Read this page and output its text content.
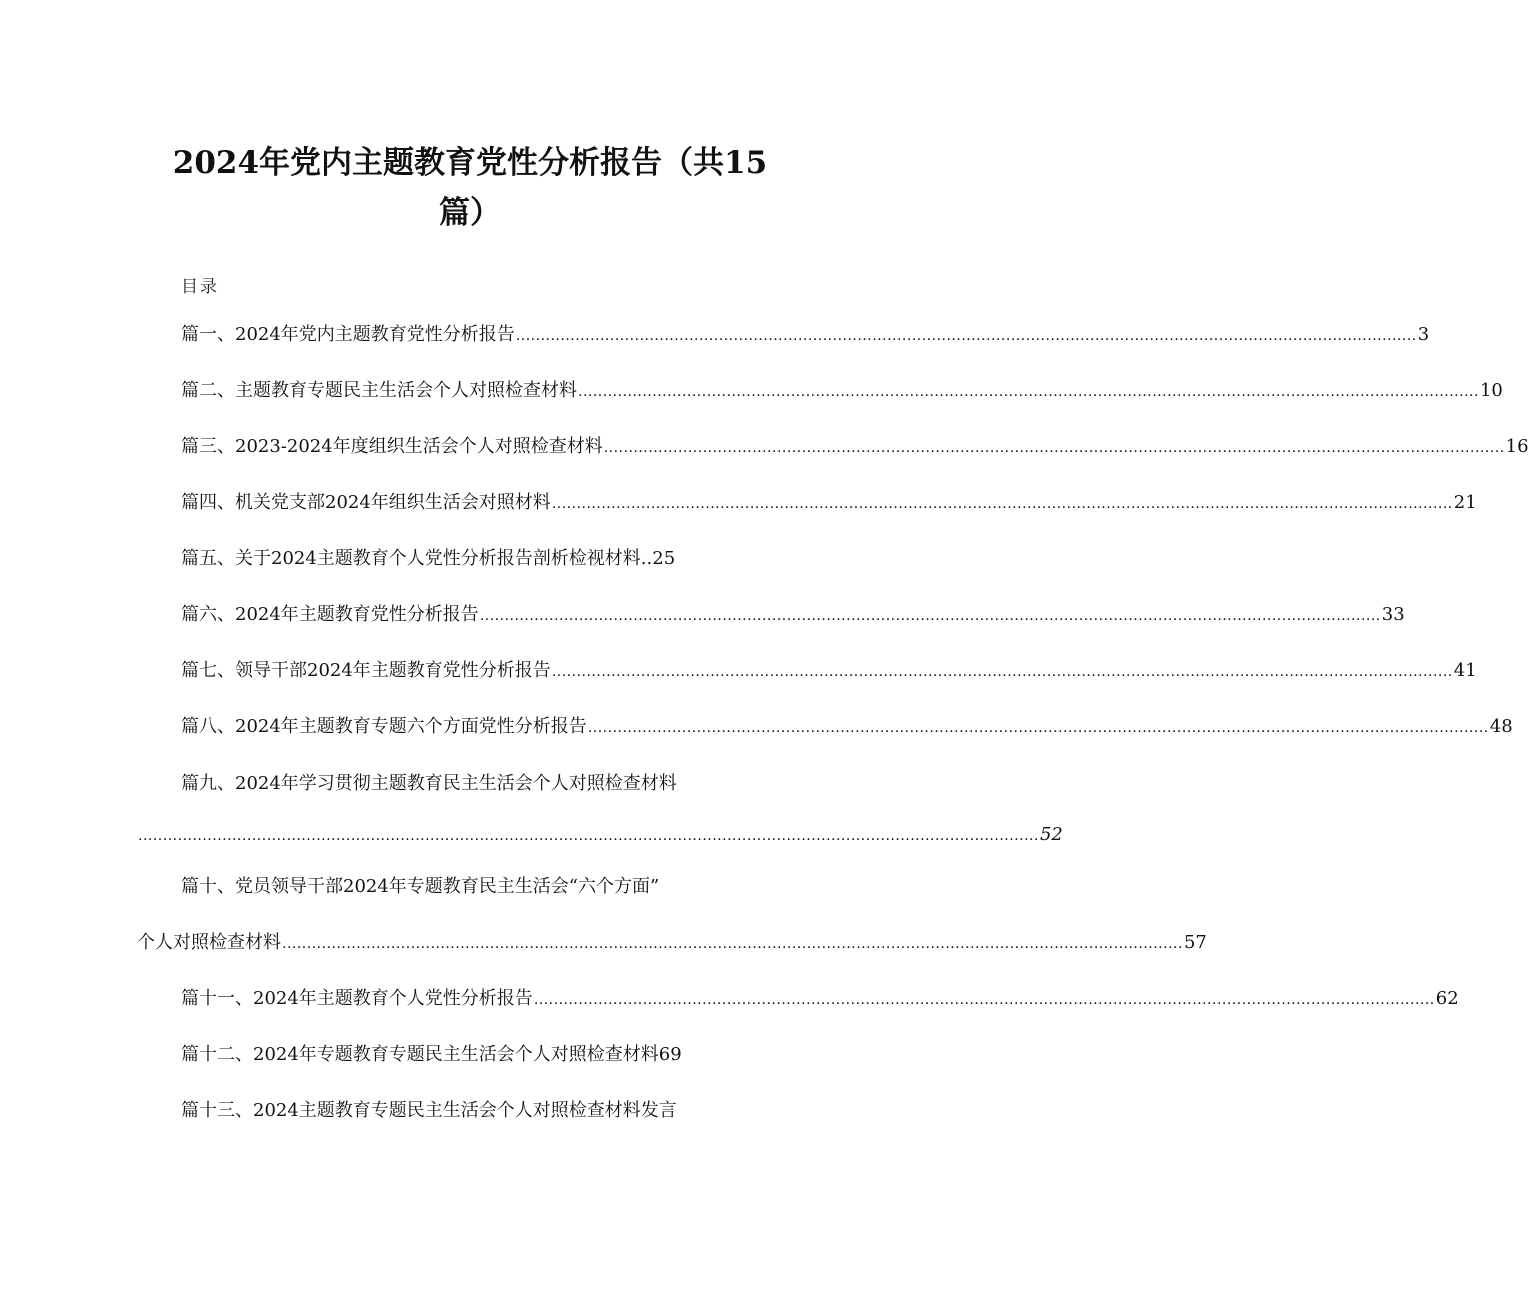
2024年党内主题教育党性分析报告（共15
篇）
目录
篇一、2024年党内主题教育党性分析报告 ...................................................................................................................................................................................... 3
篇二、主题教育专题民主生活会个人对照检查材料 ...................................................................................................................................................................................... 10
篇三、2023-2024年度组织生活会个人对照检查材料 ...................................................................................................................................................................................... 16
篇四、机关党支部2024年组织生活会对照材料 ...................................................................................................................................................................................... 21
篇五、关于2024主题教育个人党性分析报告剖析检视材料..25
篇六、2024年主题教育党性分析报告 ...................................................................................................................................................................................... 33
篇七、领导干部2024年主题教育党性分析报告 ...................................................................................................................................................................................... 41
篇八、2024年主题教育专题六个方面党性分析报告 ...................................................................................................................................................................................... 48
篇九、2024年学习贯彻主题教育民主生活会个人对照检查材料
...................................................................................................................................................................................... 52
篇十、党员领导干部2024年专题教育民主生活会“六个方面”
个人对照检查材料 ...................................................................................................................................................................................... 57
篇十一、2024年主题教育个人党性分析报告 ...................................................................................................................................................................................... 62
篇十二、2024年专题教育专题民主生活会个人对照检查材料69
篇十三、2024主题教育专题民主生活会个人对照检查材料发言
